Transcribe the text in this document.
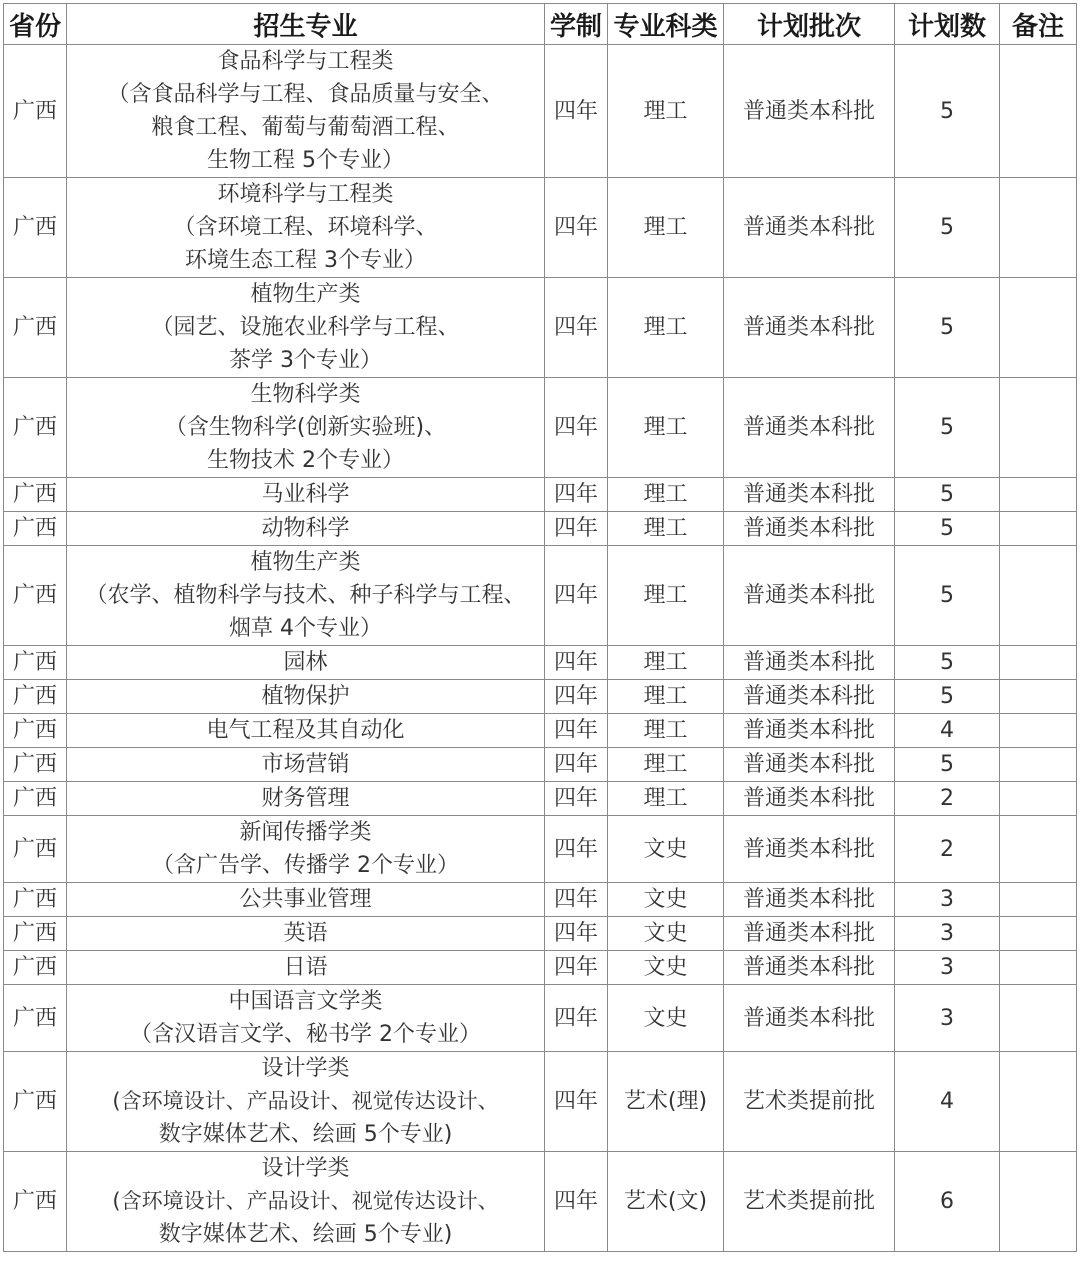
省份	招生专业	学制	专业科类	计划批次	计划数	备注
广西	食品科学与工程类
（含食品科学与工程、食品质量与安全、
粮食工程、葡萄与葡萄酒工程、
生物工程 5个专业）	四年	理工	普通类本科批	5	
广西	环境科学与工程类
（含环境工程、环境科学、
环境生态工程 3个专业）	四年	理工	普通类本科批	5	
广西	植物生产类
（园艺、设施农业科学与工程、
茶学 3个专业）	四年	理工	普通类本科批	5	
广西	生物科学类
（含生物科学(创新实验班)、
生物技术 2个专业）	四年	理工	普通类本科批	5	
广西	马业科学	四年	理工	普通类本科批	5	
广西	动物科学	四年	理工	普通类本科批	5	
广西	植物生产类
（农学、植物科学与技术、种子科学与工程、
烟草 4个专业）	四年	理工	普通类本科批	5	
广西	园林	四年	理工	普通类本科批	5	
广西	植物保护	四年	理工	普通类本科批	5	
广西	电气工程及其自动化	四年	理工	普通类本科批	4	
广西	市场营销	四年	理工	普通类本科批	5	
广西	财务管理	四年	理工	普通类本科批	2	
广西	新闻传播学类
（含广告学、传播学 2个专业）	四年	文史	普通类本科批	2	
广西	公共事业管理	四年	文史	普通类本科批	3	
广西	英语	四年	文史	普通类本科批	3	
广西	日语	四年	文史	普通类本科批	3	
广西	中国语言文学类
（含汉语言文学、秘书学 2个专业）	四年	文史	普通类本科批	3	
广西	设计学类
(含环境设计、产品设计、视觉传达设计、
数字媒体艺术、绘画 5个专业)	四年	艺术(理)	艺术类提前批	4	
广西	设计学类
(含环境设计、产品设计、视觉传达设计、
数字媒体艺术、绘画 5个专业)	四年	艺术(文)	艺术类提前批	6	
